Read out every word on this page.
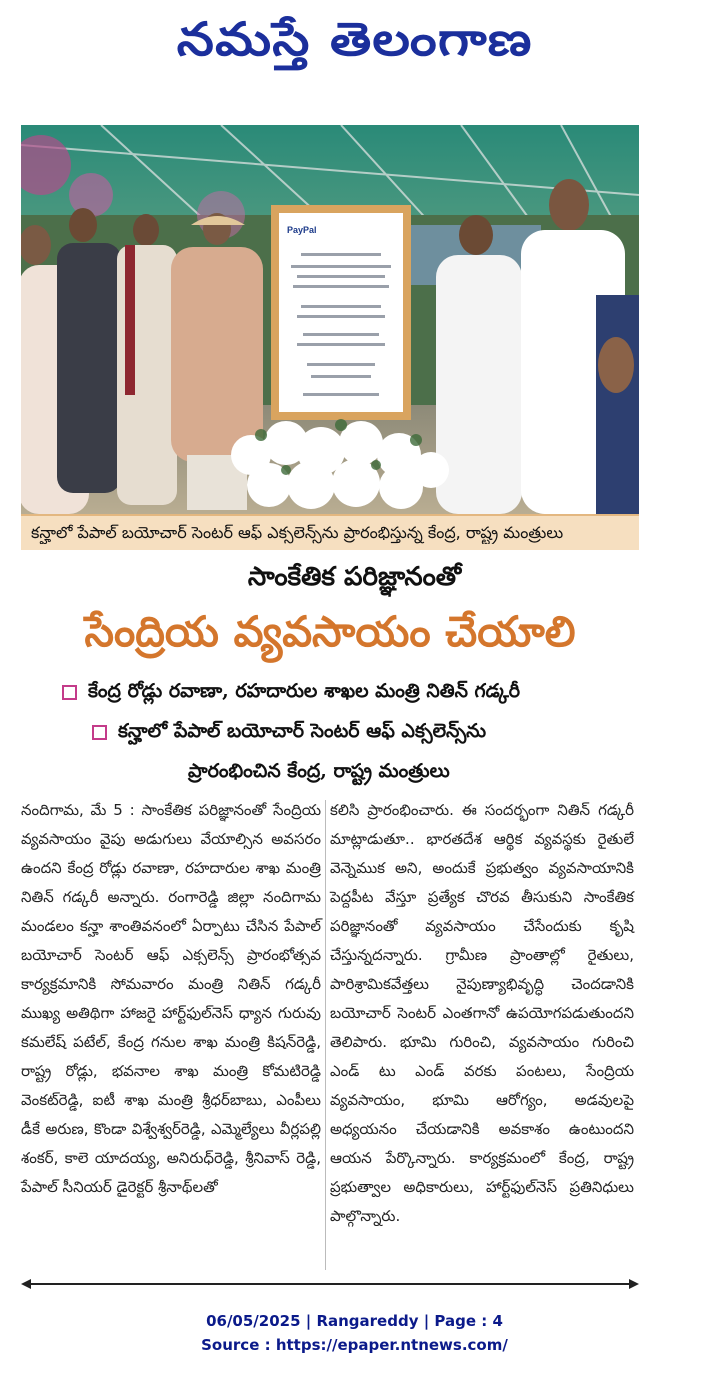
నమస్తే తెలంగాణ
PayPal
కన్హాలో పేపాల్ బయోచార్ సెంటర్ ఆఫ్ ఎక్సలెన్స్‌ను ప్రారంభిస్తున్న కేంద్ర, రాష్ట్ర మంత్రులు
సాంకేతిక పరిజ్ఞానంతో
సేంద్రియ వ్యవసాయం చేయాలి
కేంద్ర రోడ్లు రవాణా, రహదారుల శాఖల మంత్రి నితిన్ గడ్కరీ
కన్హాలో పేపాల్ బయోచార్ సెంటర్ ఆఫ్ ఎక్సలెన్స్‌ను
ప్రారంభించిన కేంద్ర, రాష్ట్ర మంత్రులు
నందిగామ, మే 5 : సాంకేతిక పరిజ్ఞానంతో సేంద్రియ వ్యవసాయం వైపు అడుగులు వేయాల్సిన అవసరం ఉందని కేంద్ర రోడ్లు రవాణా, రహదారుల శాఖ మంత్రి నితిన్ గడ్కరీ అన్నారు. రంగారెడ్డి జిల్లా నందిగామ మండలం కన్హా శాంతివనంలో ఏర్పాటు చేసిన పేపాల్ బయోచార్ సెంటర్ ఆఫ్ ఎక్సలెన్స్ ప్రారంభోత్సవ కార్యక్రమానికి సోమవారం మంత్రి నితిన్ గడ్కరీ ముఖ్య అతిథిగా హాజరై హార్ట్‌ఫుల్‌నెస్ ధ్యాన గురువు కమలేష్ పటేల్, కేంద్ర గనుల శాఖ మంత్రి కిషన్‌రెడ్డి, రాష్ట్ర రోడ్లు, భవనాల శాఖ మంత్రి కోమటిరెడ్డి వెంకట్‌రెడ్డి, ఐటీ శాఖ మంత్రి శ్రీధర్‌బాబు, ఎంపీలు డీకే అరుణ, కొండా విశ్వేశ్వర్‌రెడ్డి, ఎమ్మెల్యేలు వీర్లపల్లి శంకర్, కాలె యాదయ్య, అనిరుధ్‌రెడ్డి, శ్రీనివాస్ రెడ్డి, పేపాల్ సీనియర్ డైరెక్టర్ శ్రీనాథ్‌లతో
కలిసి ప్రారంభించారు. ఈ సందర్భంగా నితిన్ గడ్కరీ మాట్లాడుతూ.. భారతదేశ ఆర్థిక వ్యవస్థకు రైతులే వెన్నెముక అని, అందుకే ప్రభుత్వం వ్యవసాయానికి పెద్దపీట వేస్తూ ప్రత్యేక చొరవ తీసుకుని సాంకేతిక పరిజ్ఞానంతో వ్యవసాయం చేసేందుకు కృషి చేస్తున్నదన్నారు. గ్రామీణ ప్రాంతాల్లో రైతులు, పారిశ్రామికవేత్తలు నైపుణ్యాభివృద్ధి చెందడానికి బయోచార్ సెంటర్ ఎంతగానో ఉపయోగపడుతుందని తెలిపారు. భూమి గురించి, వ్యవసాయం గురించి ఎండ్ టు ఎండ్ వరకు పంటలు, సేంద్రియ వ్యవసాయం, భూమి ఆరోగ్యం, అడవులపై అధ్యయనం చేయడానికి అవకాశం ఉంటుందని ఆయన పేర్కొన్నారు. కార్యక్రమంలో కేంద్ర, రాష్ట్ర ప్రభుత్వాల అధికారులు, హార్ట్‌ఫుల్‌నెస్ ప్రతినిధులు పాల్గొన్నారు.
06/05/2025 | Rangareddy | Page : 4
Source : https://epaper.ntnews.com/
